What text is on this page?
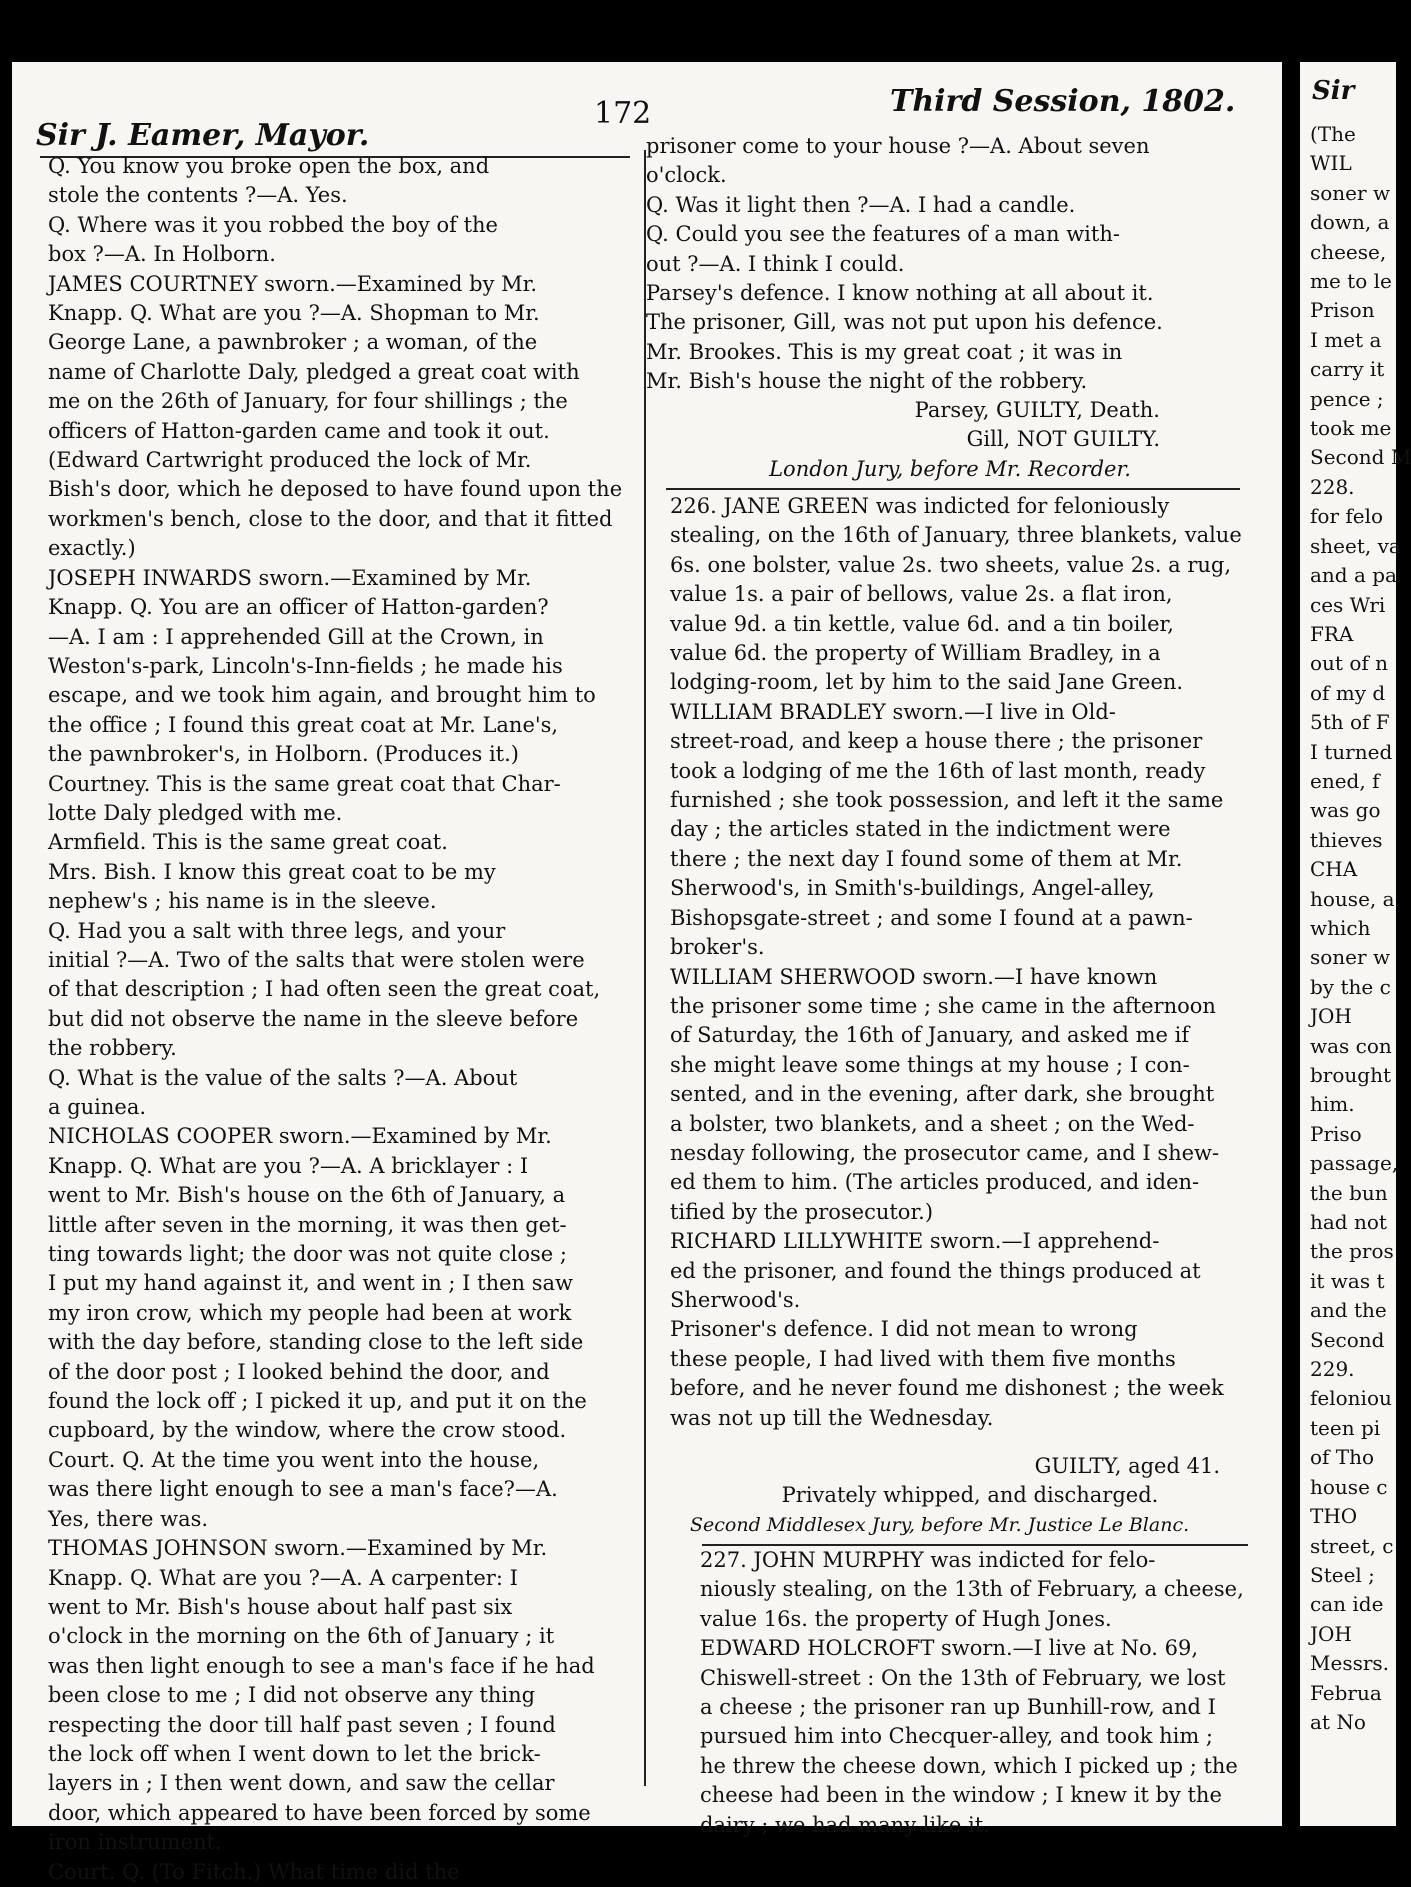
Sir

(The

WIL

soner w

down, a

cheese,

me to le

Prison

I met a

carry it

pence ;

took me

Second M

228.

for felo

sheet, va

and a pa

ces Wri

FRA

out of n

of my d

5th of F

I turned

ened, f

was go

thieves

CHA

house, a

which

soner w

by the c

JOH

was con

brought

him.

Priso

passage,

the bun

had not

the pros

it was t

and the

Second

229.

feloniou

teen pi

of Tho

house c

THO

street, c

Steel ;

can ide

JOH

Messrs.

Februa

at No

Sir J. Eamer, Mayor.
172	Third Session, 1802.

Q. You know you broke open the box, and

stole the contents ?—A. Yes.

Q. Where was it you robbed the boy of the

box ?—A. In Holborn.

JAMES COURTNEY sworn.—Examined by Mr.

Knapp. Q. What are you ?—A. Shopman to Mr.

George Lane, a pawnbroker ; a woman, of the

name of Charlotte Daly, pledged a great coat with

me on the 26th of January, for four shillings ; the

officers of Hatton-garden came and took it out.

(Edward Cartwright produced the lock of Mr.

Bish's door, which he deposed to have found upon the

workmen's bench, close to the door, and that it fitted

exactly.)

JOSEPH INWARDS sworn.—Examined by Mr.

Knapp. Q. You are an officer of Hatton-garden?

—A. I am : I apprehended Gill at the Crown, in

Weston's-park, Lincoln's-Inn-fields ; he made his

escape, and we took him again, and brought him to

the office ; I found this great coat at Mr. Lane's,

the pawnbroker's, in Holborn. (Produces it.)

Courtney. This is the same great coat that Char-

lotte Daly pledged with me.

Armfield. This is the same great coat.

Mrs. Bish. I know this great coat to be my

nephew's ; his name is in the sleeve.

Q. Had you a salt with three legs, and your

initial ?—A. Two of the salts that were stolen were

of that description ; I had often seen the great coat,

but did not observe the name in the sleeve before

the robbery.

Q. What is the value of the salts ?—A. About

a guinea.

NICHOLAS COOPER sworn.—Examined by Mr.

Knapp. Q. What are you ?—A. A bricklayer : I

went to Mr. Bish's house on the 6th of January, a

little after seven in the morning, it was then get-

ting towards light; the door was not quite close ;

I put my hand against it, and went in ; I then saw

my iron crow, which my people had been at work

with the day before, standing close to the left side

of the door post ; I looked behind the door, and

found the lock off ; I picked it up, and put it on the

cupboard, by the window, where the crow stood.

Court. Q. At the time you went into the house,

was there light enough to see a man's face?—A.

Yes, there was.

THOMAS JOHNSON sworn.—Examined by Mr.

Knapp. Q. What are you ?—A. A carpenter: I

went to Mr. Bish's house about half past six

o'clock in the morning on the 6th of January ; it

was then light enough to see a man's face if he had

been close to me ; I did not observe any thing

respecting the door till half past seven ; I found

the lock off when I went down to let the brick-

layers in ; I then went down, and saw the cellar

door, which appeared to have been forced by some

iron instrument.

Court. Q. (To Fitch.) What time did the

prisoner come to your house ?—A. About seven

o'clock.

Q. Was it light then ?—A. I had a candle.

Q. Could you see the features of a man with-

out ?—A. I think I could.

Parsey's defence. I know nothing at all about it.

The prisoner, Gill, was not put upon his defence.

Mr. Brookes. This is my great coat ; it was in

Mr. Bish's house the night of the robbery.

Parsey, GUILTY, Death.

Gill, NOT GUILTY.

London Jury, before Mr. Recorder.

226. JANE GREEN was indicted for feloniously

stealing, on the 16th of January, three blankets, value

6s. one bolster, value 2s. two sheets, value 2s. a rug,

value 1s. a pair of bellows, value 2s. a flat iron,

value 9d. a tin kettle, value 6d. and a tin boiler,

value 6d. the property of William Bradley, in a

lodging-room, let by him to the said Jane Green.

WILLIAM BRADLEY sworn.—I live in Old-

street-road, and keep a house there ; the prisoner

took a lodging of me the 16th of last month, ready

furnished ; she took possession, and left it the same

day ; the articles stated in the indictment were

there ; the next day I found some of them at Mr.

Sherwood's, in Smith's-buildings, Angel-alley,

Bishopsgate-street ; and some I found at a pawn-

broker's.

WILLIAM SHERWOOD sworn.—I have known

the prisoner some time ; she came in the afternoon

of Saturday, the 16th of January, and asked me if

she might leave some things at my house ; I con-

sented, and in the evening, after dark, she brought

a bolster, two blankets, and a sheet ; on the Wed-

nesday following, the prosecutor came, and I shew-

ed them to him. (The articles produced, and iden-

tified by the prosecutor.)

RICHARD LILLYWHITE sworn.—I apprehend-

ed the prisoner, and found the things produced at

Sherwood's.

Prisoner's defence. I did not mean to wrong

these people, I had lived with them five months

before, and he never found me dishonest ; the week

was not up till the Wednesday.

GUILTY, aged 41.

Privately whipped, and discharged.

Second Middlesex Jury, before Mr. Justice Le Blanc.

227. JOHN MURPHY was indicted for felo-

niously stealing, on the 13th of February, a cheese,

value 16s. the property of Hugh Jones.

EDWARD HOLCROFT sworn.—I live at No. 69,

Chiswell-street : On the 13th of February, we lost

a cheese ; the prisoner ran up Bunhill-row, and I

pursued him into Checquer-alley, and took him ;

he threw the cheese down, which I picked up ; the

cheese had been in the window ; I knew it by the

dairy ; we had many like it.
